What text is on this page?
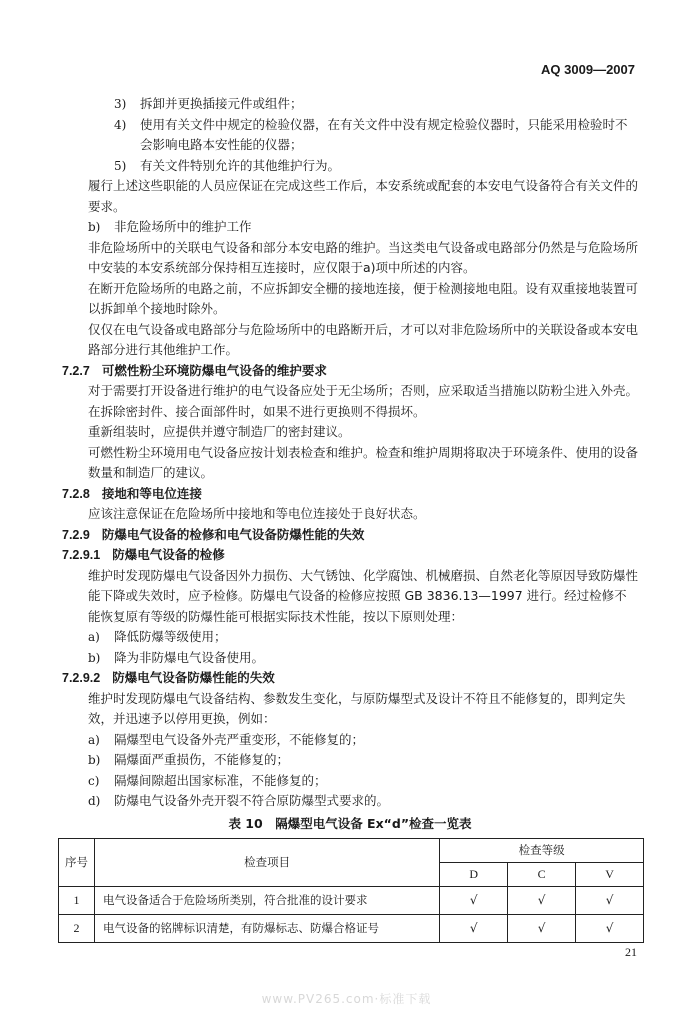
AQ 3009—2007
3)	拆卸并更换插接元件或组件；
4)	使用有关文件中规定的检验仪器，在有关文件中没有规定检验仪器时，只能采用检验时不会影响电路本安性能的仪器；
5)	有关文件特别允许的其他维护行为。

履行上述这些职能的人员应保证在完成这些工作后，本安系统或配套的本安电气设备符合有关文件的要求。

b)	非危险场所中的维护工作

非危险场所中的关联电气设备和部分本安电路的维护。当这类电气设备或电路部分仍然是与危险场所中安装的本安系统部分保持相互连接时，应仅限于a)项中所述的内容。

在断开危险场所的电路之前，不应拆卸安全栅的接地连接，便于检测接地电阻。设有双重接地装置可以拆卸单个接地时除外。

仅仅在电气设备或电路部分与危险场所中的电路断开后，才可以对非危险场所中的关联设备或本安电路部分进行其他维护工作。

7.2.7 可燃性粉尘环境防爆电气设备的维护要求

对于需要打开设备进行维护的电气设备应处于无尘场所；否则，应采取适当措施以防粉尘进入外壳。

在拆除密封件、接合面部件时，如果不进行更换则不得损坏。

重新组装时，应提供并遵守制造厂的密封建议。

可燃性粉尘环境用电气设备应按计划表检查和维护。检查和维护周期将取决于环境条件、使用的设备数量和制造厂的建议。

7.2.8 接地和等电位连接

应该注意保证在危险场所中接地和等电位连接处于良好状态。

7.2.9 防爆电气设备的检修和电气设备防爆性能的失效
7.2.9.1 防爆电气设备的检修

维护时发现防爆电气设备因外力损伤、大气锈蚀、化学腐蚀、机械磨损、自然老化等原因导致防爆性能下降或失效时，应予检修。防爆电气设备的检修应按照 GB 3836.13—1997 进行。经过检修不能恢复原有等级的防爆性能可根据实际技术性能，按以下原则处理：

a)	降低防爆等级使用；
b)	降为非防爆电气设备使用。
7.2.9.2 防爆电气设备防爆性能的失效

维护时发现防爆电气设备结构、参数发生变化，与原防爆型式及设计不符且不能修复的，即判定失效，并迅速予以停用更换，例如：

a)	隔爆型电气设备外壳严重变形，不能修复的；
b)	隔爆面严重损伤，不能修复的；
c)	隔爆间隙超出国家标准，不能修复的；
d)	防爆电气设备外壳开裂不符合原防爆型式要求的。
表 10　隔爆型电气设备 Ex“d”检查一览表
序号	检查项目	检查等级		
		D	C	V
1	电气设备适合于危险场所类别，符合批准的设计要求	√	√	√
2	电气设备的铭牌标识清楚，有防爆标志、防爆合格证号	√	√	√
21
www.PV265.com·标准下载
